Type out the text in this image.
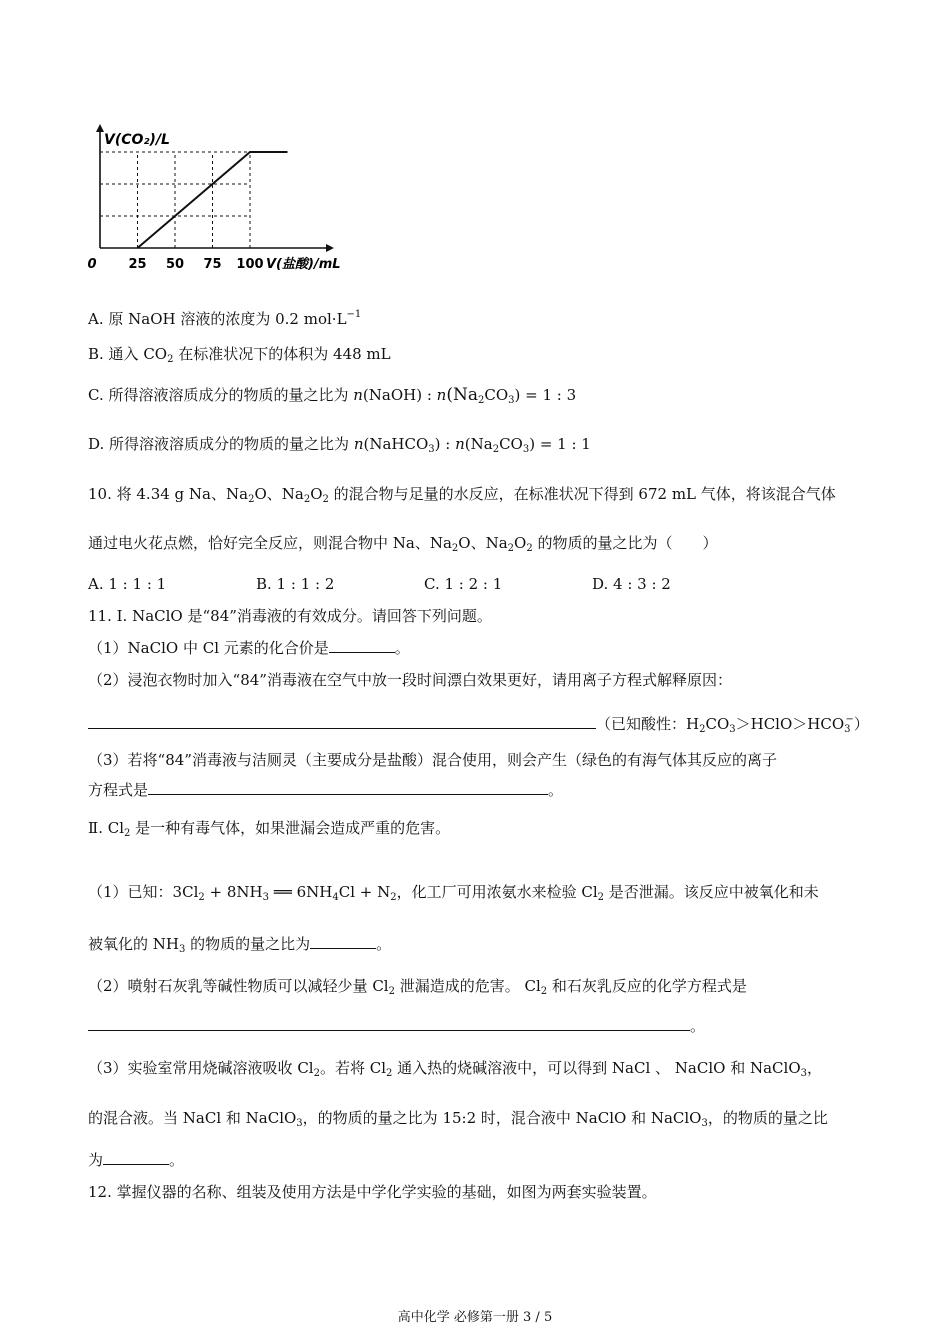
V(CO₂)/L
V(盐酸)/mL
0 25 50 75 100
A. 原 NaOH 溶液的浓度为 0.2 $mol\cdot L^{-1}$
B. 通入 $CO_2$ 在标准状况下的体积为 448 mL
C. 所得溶液溶质成分的物质的量之比为 n(NaOH) : $n(Na_2CO_3) = 1$ : 3
D. 所得溶液溶质成分的物质的量之比为 n(NaHCO$_3$) : $n(Na_2CO_3) = 1$ : 1
10. 将 4.34 g Na、$Na_2O$、$Na_2O_2$ 的混合物与足量的水反应，在标准状况下得到 672 mL 气体，将该混合气体
通过电火花点燃，恰好完全反应，则混合物中 Na、$Na_2O$、$Na_2O_2$ 的物质的量之比为（　　）
A. 1 : 1 : 1	B. 1 : 1 : 2	C. 1 : 2 : 1	D. 4 : 3 : 2
11. Ⅰ. NaClO 是“84”消毒液的有效成分。请回答下列问题。
（1）NaClO 中 Cl 元素的化合价是	。
（2）浸泡衣物时加入“84”消毒液在空气中放一段时间漂白效果更好，请用离子方程式解释原因：
（已知酸性：$H_2CO_3>HClO>HCO_3^-$）
（3）若将“84”消毒液与洁厕灵（主要成分是盐酸）混合使用，则会产生（绿色的有海气体其反应的离子
方程式是	。
Ⅱ. $Cl_2$ 是一种有毒气体，如果泄漏会造成严重的危害。
（1）已知：$3Cl_2 + 8NH_3$ ══ $6NH_4Cl + N_2$，化工厂可用浓氨水来检验 $Cl_2$ 是否泄漏。该反应中被氧化和未
被氧化的 $NH_3$ 的物质的量之比为	。
（2）喷射石灰乳等碱性物质可以减轻少量 $Cl_2$ 泄漏造成的危害。 $Cl_2$ 和石灰乳反应的化学方程式是
。
（3）实验室常用烧碱溶液吸收 $Cl_2$。若将 $Cl_2$ 通入热的烧碱溶液中，可以得到 NaCl 、 NaClO 和 NaClO$_3$，
的混合液。当 NaCl 和 NaClO$_3$，的物质的量之比为 15:2 时，混合液中 NaClO 和 NaClO$_3$，的物质的量之比
为	。
12. 掌握仪器的名称、组装及使用方法是中学化学实验的基础，如图为两套实验装置。
高中化学 必修第一册 3 / 5
